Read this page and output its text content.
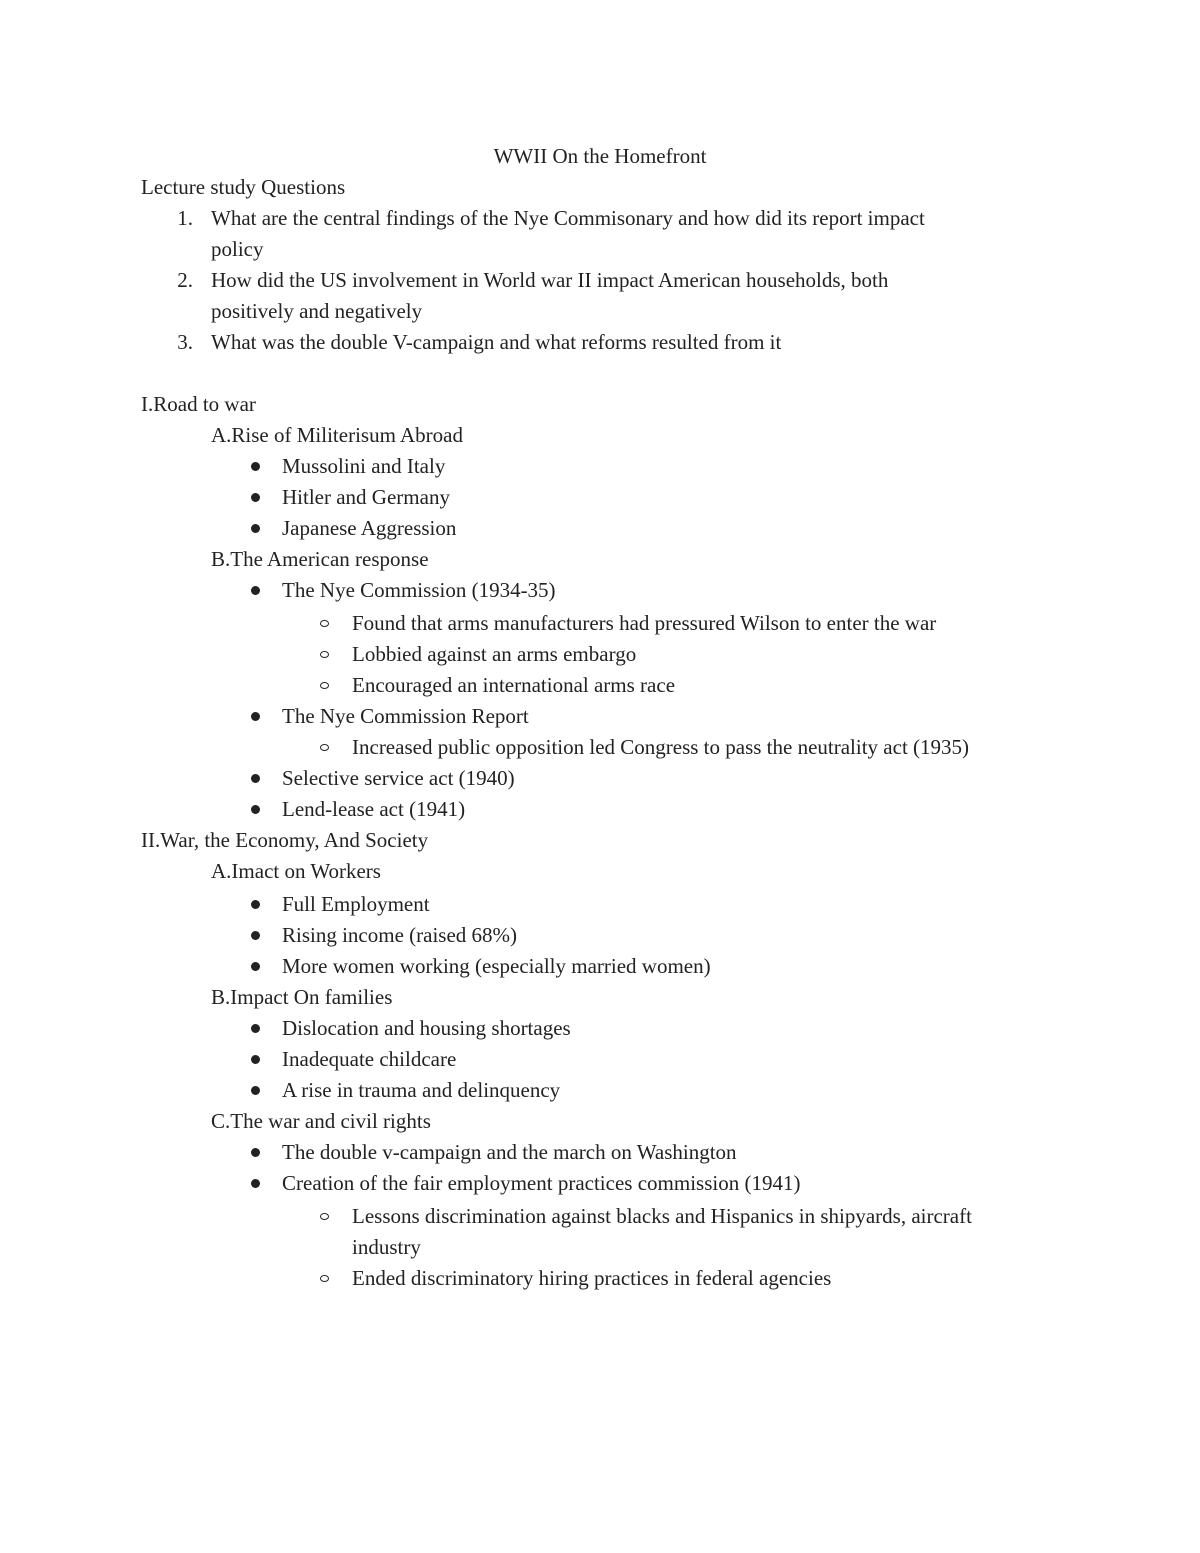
WWII On the Homefront
Lecture study Questions
1. What are the central findings of the Nye Commisonary and how did its report impact
policy
2. How did the US involvement in World war II impact American households, both
positively and negatively
3. What was the double V-campaign and what reforms resulted from it
I.Road to war
A.Rise of Militerisum Abroad
Mussolini and Italy
Hitler and Germany
Japanese Aggression
B.The American response
The Nye Commission (1934-35)
Found that arms manufacturers had pressured Wilson to enter the war
Lobbied against an arms embargo
Encouraged an international arms race
The Nye Commission Report
Increased public opposition led Congress to pass the neutrality act (1935)
Selective service act (1940)
Lend-lease act (1941)
II.War, the Economy, And Society
A.Imact on Workers
Full Employment
Rising income (raised 68%)
More women working (especially married women)
B.Impact On families
Dislocation and housing shortages
Inadequate childcare
A rise in trauma and delinquency
C.The war and civil rights
The double v-campaign and the march on Washington
Creation of the fair employment practices commission (1941)
Lessons discrimination against blacks and Hispanics in shipyards, aircraft
industry
Ended discriminatory hiring practices in federal agencies
